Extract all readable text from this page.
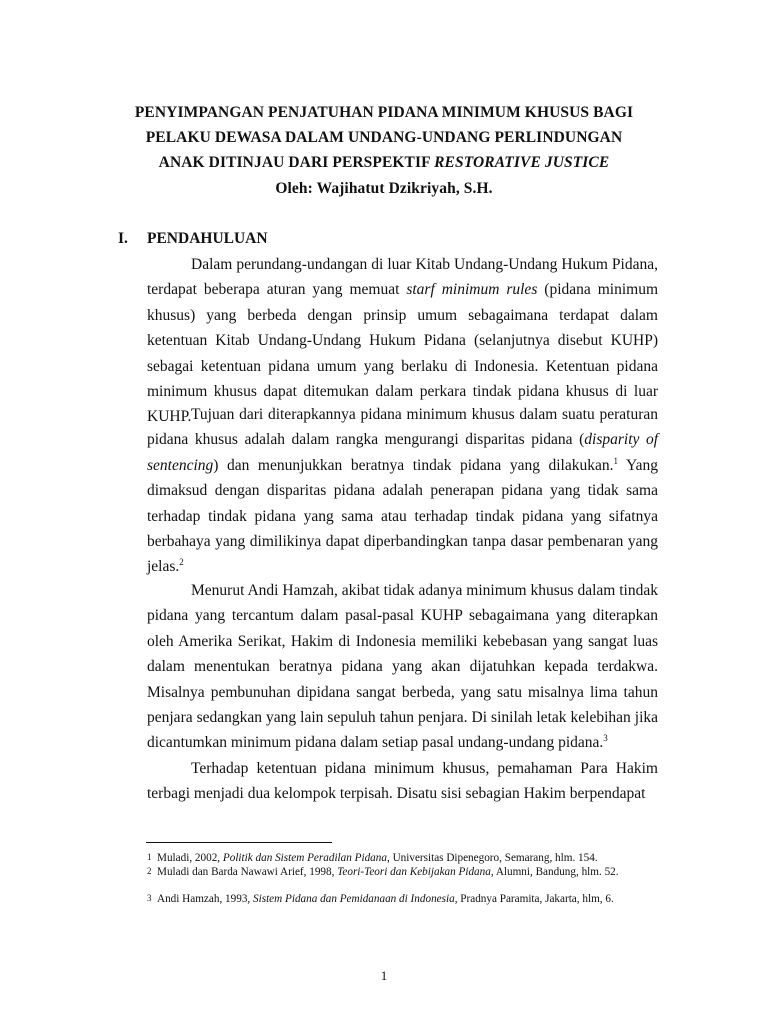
PENYIMPANGAN PENJATUHAN PIDANA MINIMUM KHUSUS BAGI
PELAKU DEWASA DALAM UNDANG-UNDANG PERLINDUNGAN
ANAK DITINJAU DARI PERSPEKTIF RESTORATIVE JUSTICE
Oleh: Wajihatut Dzikriyah, S.H.
I. PENDAHULUAN

Dalam perundang-undangan di luar Kitab Undang-Undang Hukum Pidana, terdapat beberapa aturan yang memuat starf minimum rules (pidana minimum khusus) yang berbeda dengan prinsip umum sebagaimana terdapat dalam ketentuan Kitab Undang-Undang Hukum Pidana (selanjutnya disebut KUHP) sebagai ketentuan pidana umum yang berlaku di Indonesia. Ketentuan pidana minimum khusus dapat ditemukan dalam perkara tindak pidana khusus di luar KUHP. Tujuan dari diterapkannya pidana minimum khusus dalam suatu peraturan pidana khusus adalah dalam rangka mengurangi disparitas pidana (disparity of sentencing) dan menunjukkan beratnya tindak pidana yang dilakukan.$^1$ Yang dimaksud dengan disparitas pidana adalah penerapan pidana yang tidak sama terhadap tindak pidana yang sama atau terhadap tindak pidana yang sifatnya berbahaya yang dimilikinya dapat diperbandingkan tanpa dasar pembenaran yang jelas.$^2$

Menurut Andi Hamzah, akibat tidak adanya minimum khusus dalam tindak pidana yang tercantum dalam pasal-pasal KUHP sebagaimana yang diterapkan oleh Amerika Serikat, Hakim di Indonesia memiliki kebebasan yang sangat luas dalam menentukan beratnya pidana yang akan dijatuhkan kepada terdakwa. Misalnya pembunuhan dipidana sangat berbeda, yang satu misalnya lima tahun penjara sedangkan yang lain sepuluh tahun penjara. Di sinilah letak kelebihan jika dicantumkan minimum pidana dalam setiap pasal undang-undang pidana.$^3$

Terhadap ketentuan pidana minimum khusus, pemahaman Para Hakim terbagi menjadi dua kelompok terpisah. Disatu sisi sebagian Hakim berpendapat

1 Muladi, 2002, Politik dan Sistem Peradilan Pidana, Universitas Dipenegoro, Semarang, hlm. 154.
2 Muladi dan Barda Nawawi Arief, 1998, Teori-Teori dan Kebijakan Pidana, Alumni, Bandung, hlm. 52.
3 Andi Hamzah, 1993, Sistem Pidana dan Pemidanaan di Indonesia, Pradnya Paramita, Jakarta, hlm, 6.
1
